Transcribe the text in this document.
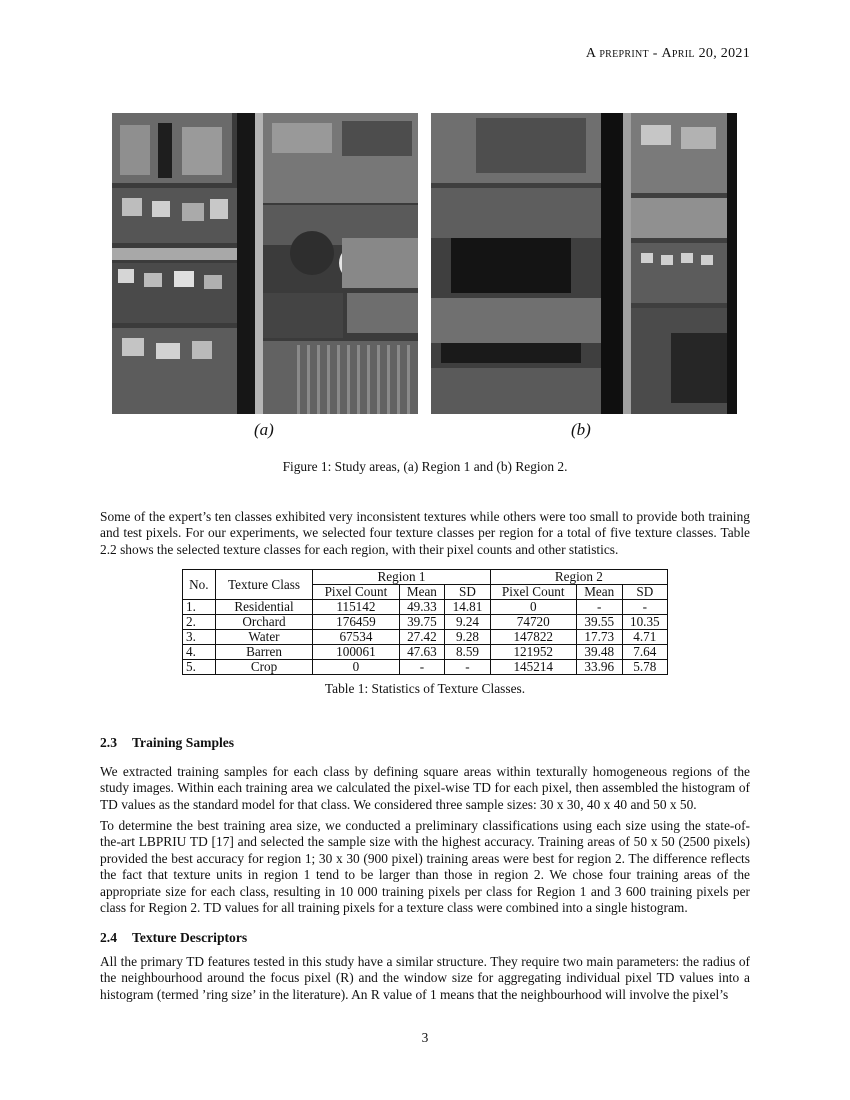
A preprint - April 20, 2021
(a)	(b)
Figure 1: Study areas, (a) Region 1 and (b) Region 2.

Some of the expert’s ten classes exhibited very inconsistent textures while others were too small to provide both training and test pixels. For our experiments, we selected four texture classes per region for a total of five texture classes. Table 2.2 shows the selected texture classes for each region, with their pixel counts and other statistics.

No.	Texture Class	Region 1			Region 2		
		Pixel Count	Mean	SD	Pixel Count	Mean	SD
1.	Residential	115142	49.33	14.81	0	-	-
2.	Orchard	176459	39.75	9.24	74720	39.55	10.35
3.	Water	67534	27.42	9.28	147822	17.73	4.71
4.	Barren	100061	47.63	8.59	121952	39.48	7.64
5.	Crop	0	-	-	145214	33.96	5.78
Table 1: Statistics of Texture Classes.
2.3 Training Samples

We extracted training samples for each class by defining square areas within texturally homogeneous regions of the study images. Within each training area we calculated the pixel-wise TD for each pixel, then assembled the histogram of TD values as the standard model for that class. We considered three sample sizes: 30 x 30, 40 x 40 and 50 x 50.

To determine the best training area size, we conducted a preliminary classifications using each size using the state-of-the-art LBPRIU TD [17] and selected the sample size with the highest accuracy. Training areas of 50 x 50 (2500 pixels) provided the best accuracy for region 1; 30 x 30 (900 pixel) training areas were best for region 2. The difference reflects the fact that texture units in region 1 tend to be larger than those in region 2. We chose four training areas of the appropriate size for each class, resulting in 10 000 training pixels per class for Region 1 and 3 600 training pixels per class for Region 2. TD values for all training pixels for a texture class were combined into a single histogram.

2.4 Texture Descriptors

All the primary TD features tested in this study have a similar structure. They require two main parameters: the radius of the neighbourhood around the focus pixel (R) and the window size for aggregating individual pixel TD values into a histogram (termed ’ring size’ in the literature). An R value of 1 means that the neighbourhood will involve the pixel’s

3
